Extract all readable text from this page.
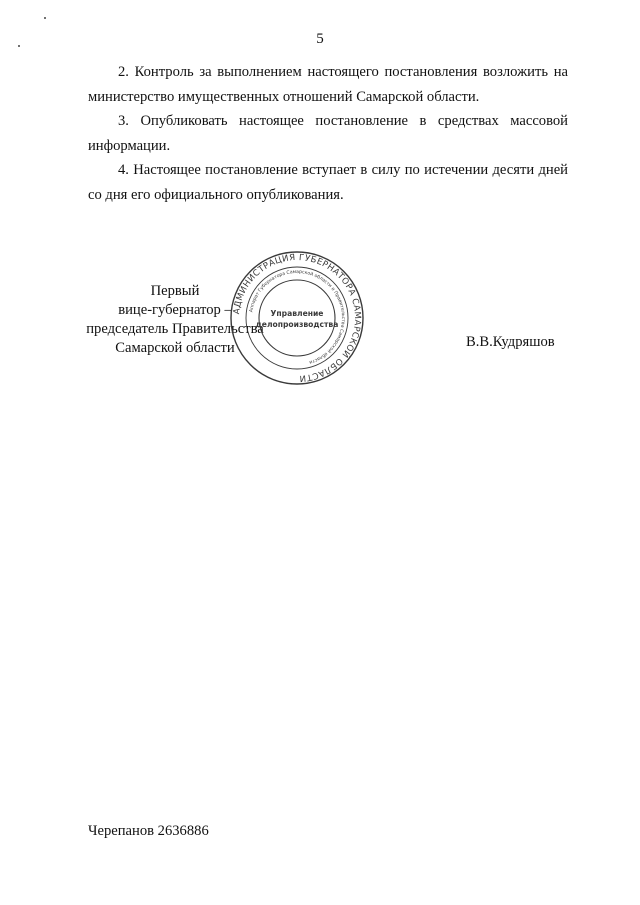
5
2. Контроль за выполнением настоящего постановления возложить на министерство имущественных отношений Самарской области.
3. Опубликовать настоящее постановление в средствах массовой информации.
4. Настоящее постановление вступает в силу по истечении десяти дней со дня его официального опубликования.
Первый
вице-губернатор –
председатель Правительства
Самарской области
АДМИНИСТРАЦИЯ ГУБЕРНАТОРА САМАРСКОЙ ОБЛАСТИ
Аппарат Губернатора Самарской области и Правительства Самарской области
Управление
делопроизводства
В.В.Кудряшов
Черепанов 2636886
